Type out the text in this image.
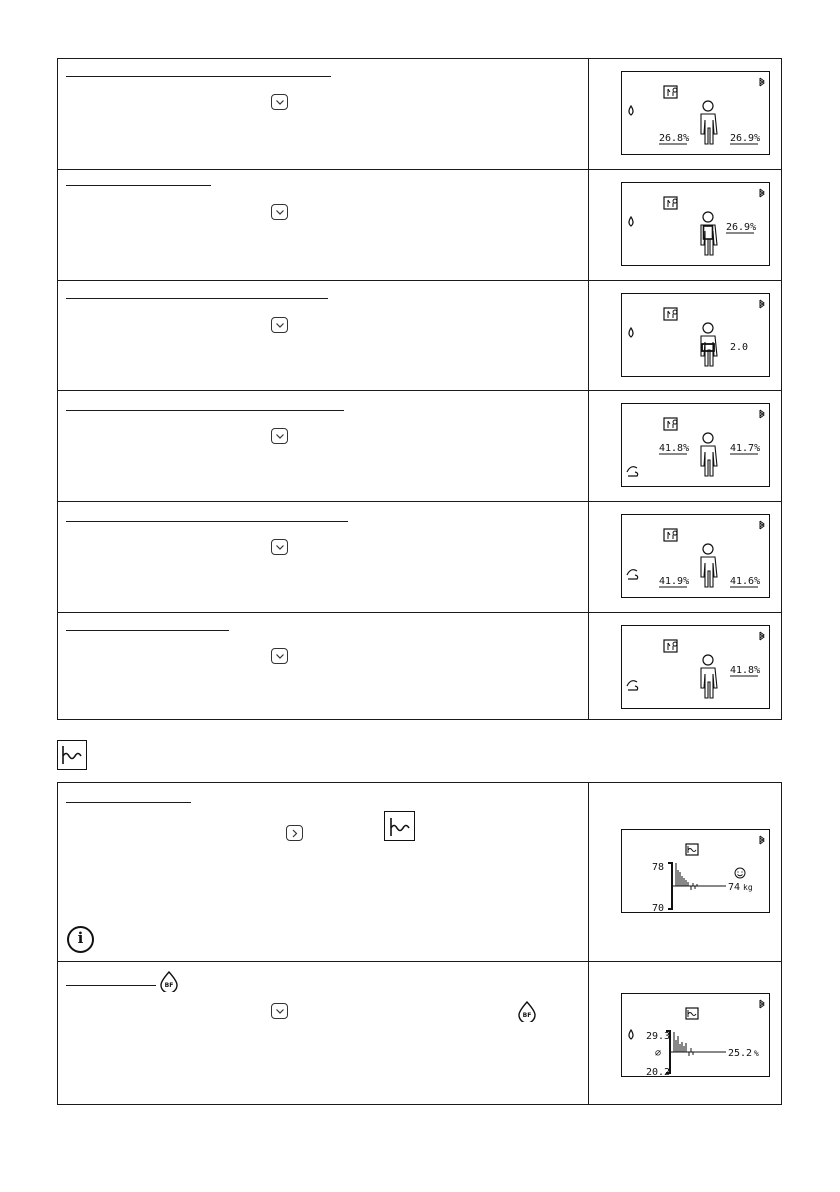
26.8%	26.9%
26.9%
2.0
41.8%	41.7%
41.9%	41.6%
41.8%
i
78
70
74 kg
BF
BF
29.3
⌀
20.2
25.2 %
